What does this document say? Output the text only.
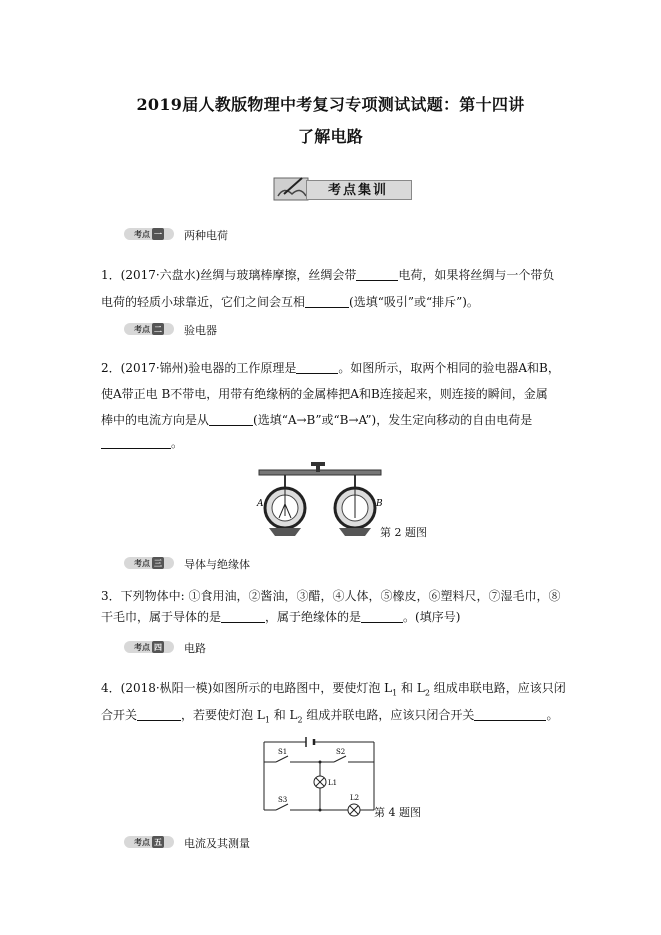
2019届人教版物理中考复习专项测试试题：第十四讲
了解电路
考点集训
考点 一	两种电荷
1．(2017·六盘水)丝绸与玻璃棒摩擦，丝绸会带	电荷，如果将丝绸与一个带负
电荷的轻质小球靠近，它们之间会互相	(选填“吸引”或“排斥”)。
考点 二	验电器
2．(2017·锦州)验电器的工作原理是	。如图所示，取两个相同的验电器A和B，
使A带正电 B不带电，用带有绝缘柄的金属棒把A和B连接起来，则连接的瞬间，金属
棒中的电流方向是从	(选填“A→B”或“B→A”)，发生定向移动的自由电荷是
。
A	B
第 2 题图
考点 三	导体与绝缘体
3．下列物体中: ①食用油，②酱油，③醋，④人体，⑤橡皮，⑥塑料尺，⑦湿毛巾，⑧
干毛巾，属于导体的是	，属于绝缘体的是	。(填序号)
考点 四	电路
4．(2018·枞阳一模)如图所示的电路图中，要使灯泡 $L_1$ 和 $L_2$ 组成串联电路，应该只闭
合开关	，若要使灯泡 $L_1$ 和 $L_2$ 组成并联电路，应该只闭合开关	。
S1	S2
S3
L1
L2
第 4 题图
考点 五	电流及其测量
